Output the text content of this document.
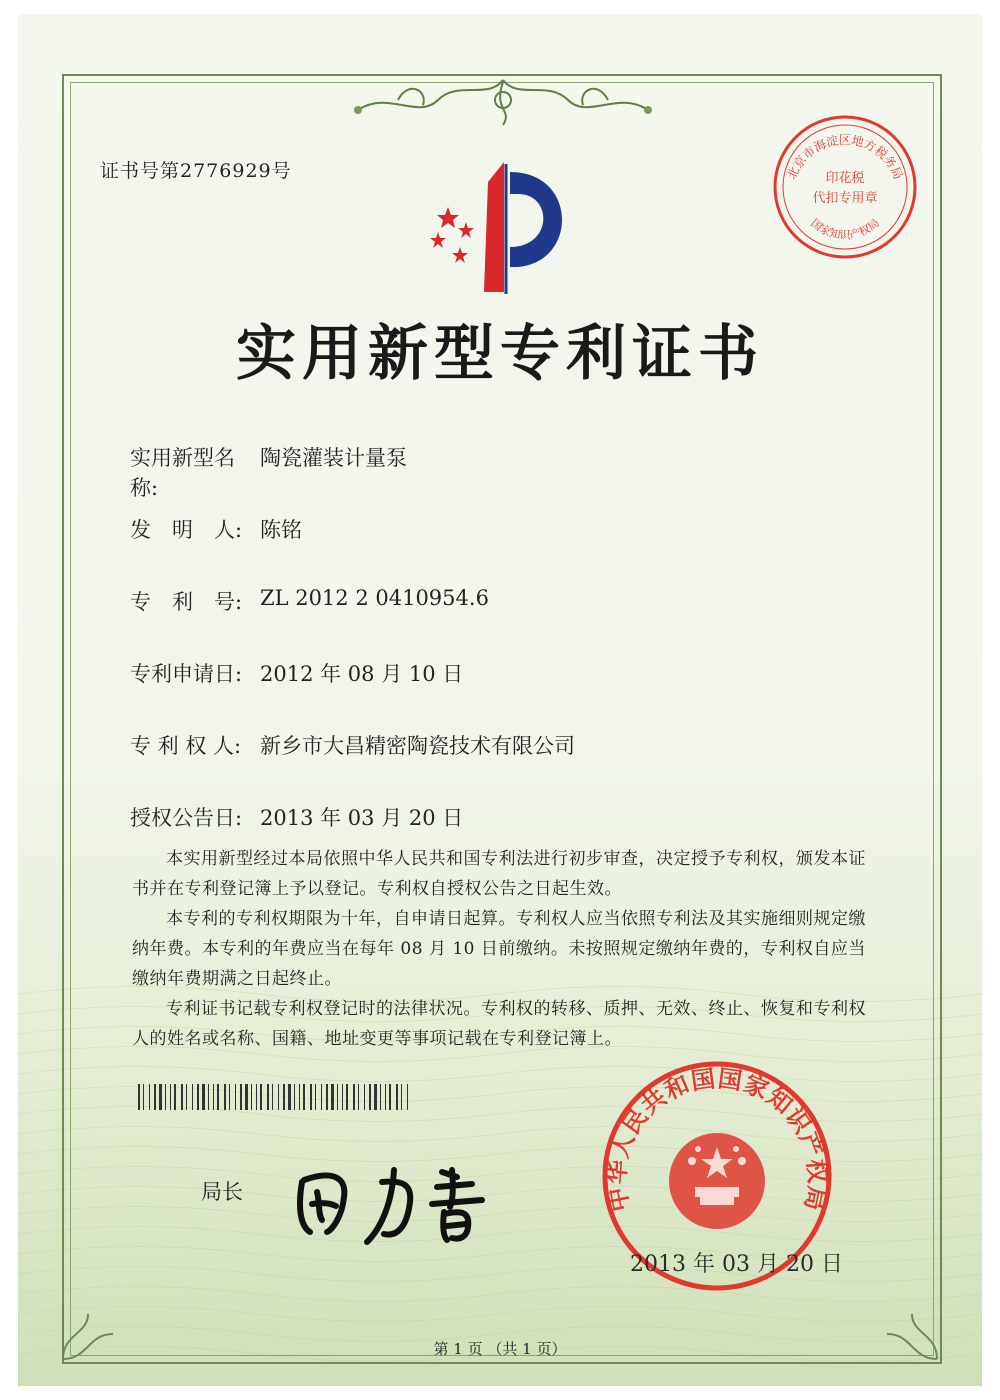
证书号第2776929号
实用新型专利证书
实用新型名称:
陶瓷灌装计量泵
发　明　人: 陈铭
专　利　号: ZL 2012 2 0410954.6
专利申请日: 2012 年 08 月 10 日
专 利 权 人: 新乡市大昌精密陶瓷技术有限公司
授权公告日: 2013 年 03 月 20 日

本实用新型经过本局依照中华人民共和国专利法进行初步审查，决定授予专利权，颁发本证书并在专利登记簿上予以登记。专利权自授权公告之日起生效。

本专利的专利权期限为十年，自申请日起算。专利权人应当依照专利法及其实施细则规定缴纳年费。本专利的年费应当在每年 08 月 10 日前缴纳。未按照规定缴纳年费的，专利权自应当缴纳年费期满之日起终止。

专利证书记载专利权登记时的法律状况。专利权的转移、质押、无效、终止、恢复和专利权人的姓名或名称、国籍、地址变更等事项记载在专利登记簿上。

局长
北京市海淀区地方税务局
印花税
代扣专用章
国家知识产权局
中华人民共和国国家知识产权局
2013 年 03 月 20 日
第 1 页 （共 1 页）
